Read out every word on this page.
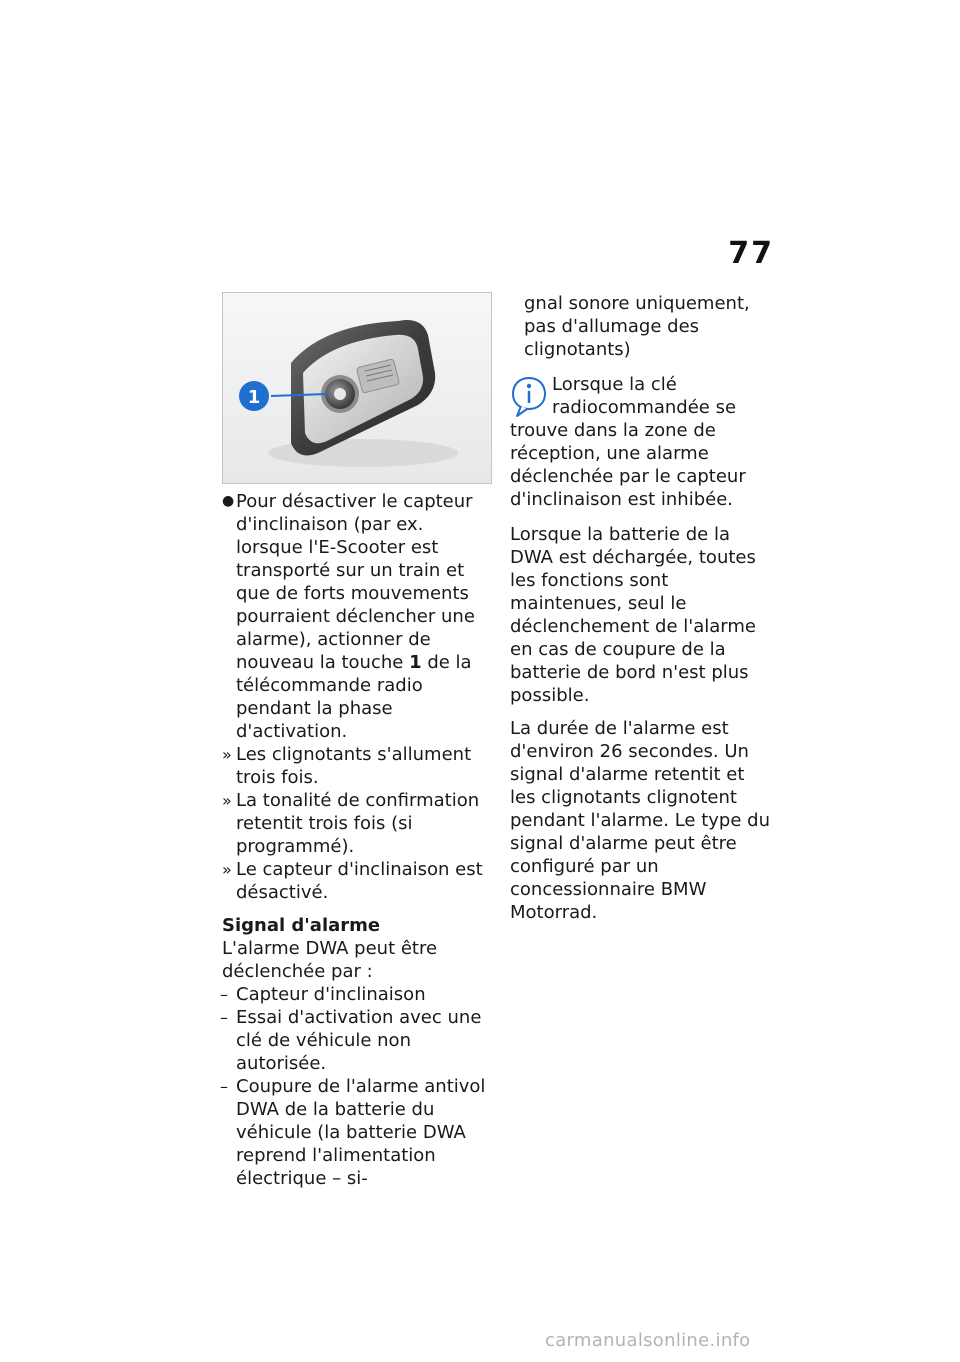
77
1
● Pour désactiver le capteur d'inclinaison (par ex. lorsque l'E-Scooter est transporté sur un train et que de forts mouvements pourraient déclencher une alarme), actionner de nouveau la touche 1 de la télécommande radio pendant la phase d'activation.
» Les clignotants s'allument trois fois.
» La tonalité de confirmation retentit trois fois (si programmé).
» Le capteur d'inclinaison est désactivé.
Signal d'alarme
L'alarme DWA peut être déclenchée par :
– Capteur d'inclinaison
– Essai d'activation avec une clé de véhicule non autorisée.
– Coupure de l'alarme antivol DWA de la batterie du véhicule (la batterie DWA reprend l'alimentation électrique – si-
gnal sonore uniquement, pas d'allumage des clignotants)
Lorsque la clé radiocommandée se trouve dans la zone de réception, une alarme déclenchée par le capteur d'inclinaison est inhibée.

Lorsque la batterie de la DWA est déchargée, toutes les fonctions sont maintenues, seul le déclenchement de l'alarme en cas de coupure de la batterie de bord n'est plus possible.

La durée de l'alarme est d'environ 26 secondes. Un signal d'alarme retentit et les clignotants clignotent pendant l'alarme. Le type du signal d'alarme peut être configuré par un concessionnaire BMW Motorrad.

carmanualsonline.info
